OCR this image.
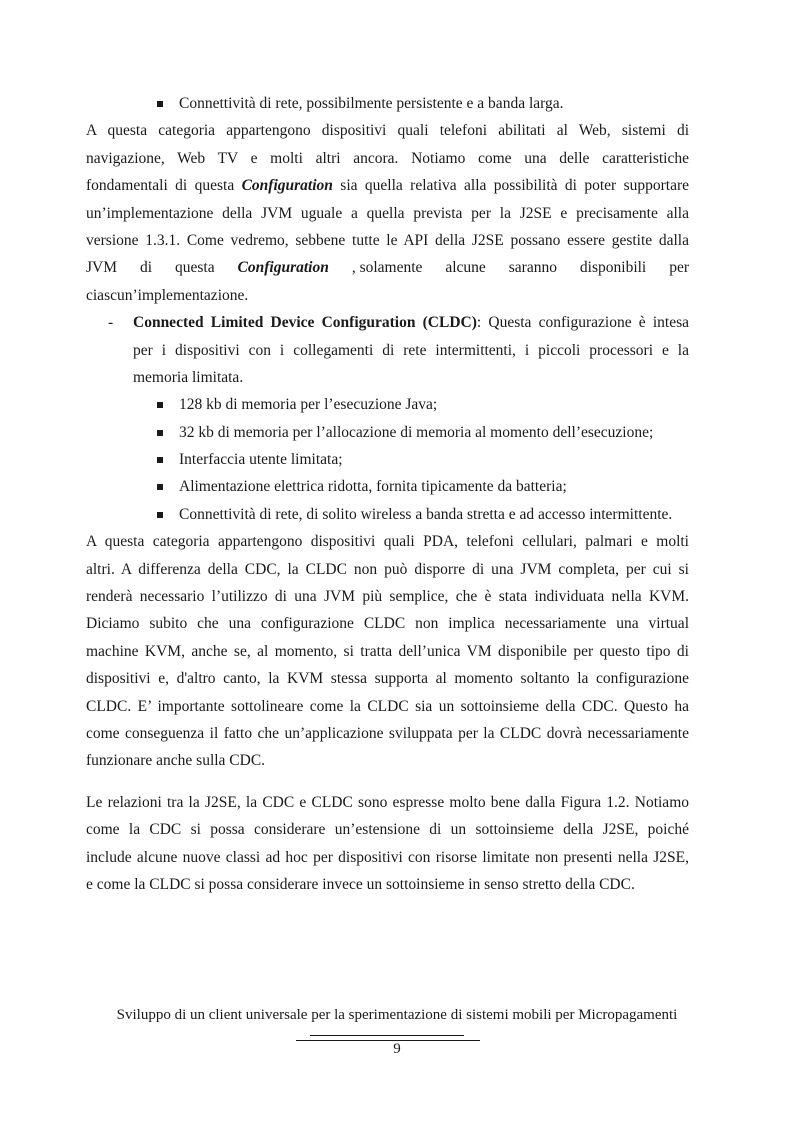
Connettività di rete, possibilmente persistente e a banda larga.
A questa categoria appartengono dispositivi quali telefoni abilitati al Web, sistemi di
navigazione, Web TV e molti altri ancora. Notiamo come una delle caratteristiche
fondamentali di questa Configuration sia quella relativa alla possibilità di poter supportare
un’implementazione della JVM uguale a quella prevista per la J2SE e precisamente alla
versione 1.3.1. Come vedremo, sebbene tutte le API della J2SE possano essere gestite dalla
JVM di questa Configuration , solamente alcune saranno disponibili per
ciascun’implementazione.
- Connected Limited Device Configuration (CLDC): Questa configurazione è intesa
per i dispositivi con i collegamenti di rete intermittenti, i piccoli processori e la
memoria limitata.
128 kb di memoria per l’esecuzione Java;
32 kb di memoria per l’allocazione di memoria al momento dell’esecuzione;
Interfaccia utente limitata;
Alimentazione elettrica ridotta, fornita tipicamente da batteria;
Connettività di rete, di solito wireless a banda stretta e ad accesso intermittente.
A questa categoria appartengono dispositivi quali PDA, telefoni cellulari, palmari e molti
altri. A differenza della CDC, la CLDC non può disporre di una JVM completa, per cui si
renderà necessario l’utilizzo di una JVM più semplice, che è stata individuata nella KVM.
Diciamo subito che una configurazione CLDC non implica necessariamente una virtual
machine KVM, anche se, al momento, si tratta dell’unica VM disponibile per questo tipo di
dispositivi e, d'altro canto, la KVM stessa supporta al momento soltanto la configurazione
CLDC. E’ importante sottolineare come la CLDC sia un sottoinsieme della CDC. Questo ha
come conseguenza il fatto che un’applicazione sviluppata per la CLDC dovrà necessariamente
funzionare anche sulla CDC.
Le relazioni tra la J2SE, la CDC e CLDC sono espresse molto bene dalla Figura 1.2. Notiamo
come la CDC si possa considerare un’estensione di un sottoinsieme della J2SE, poiché
include alcune nuove classi ad hoc per dispositivi con risorse limitate non presenti nella J2SE,
e come la CLDC si possa considerare invece un sottoinsieme in senso stretto della CDC.
Sviluppo di un client universale per la sperimentazione di sistemi mobili per Micropagamenti
9
